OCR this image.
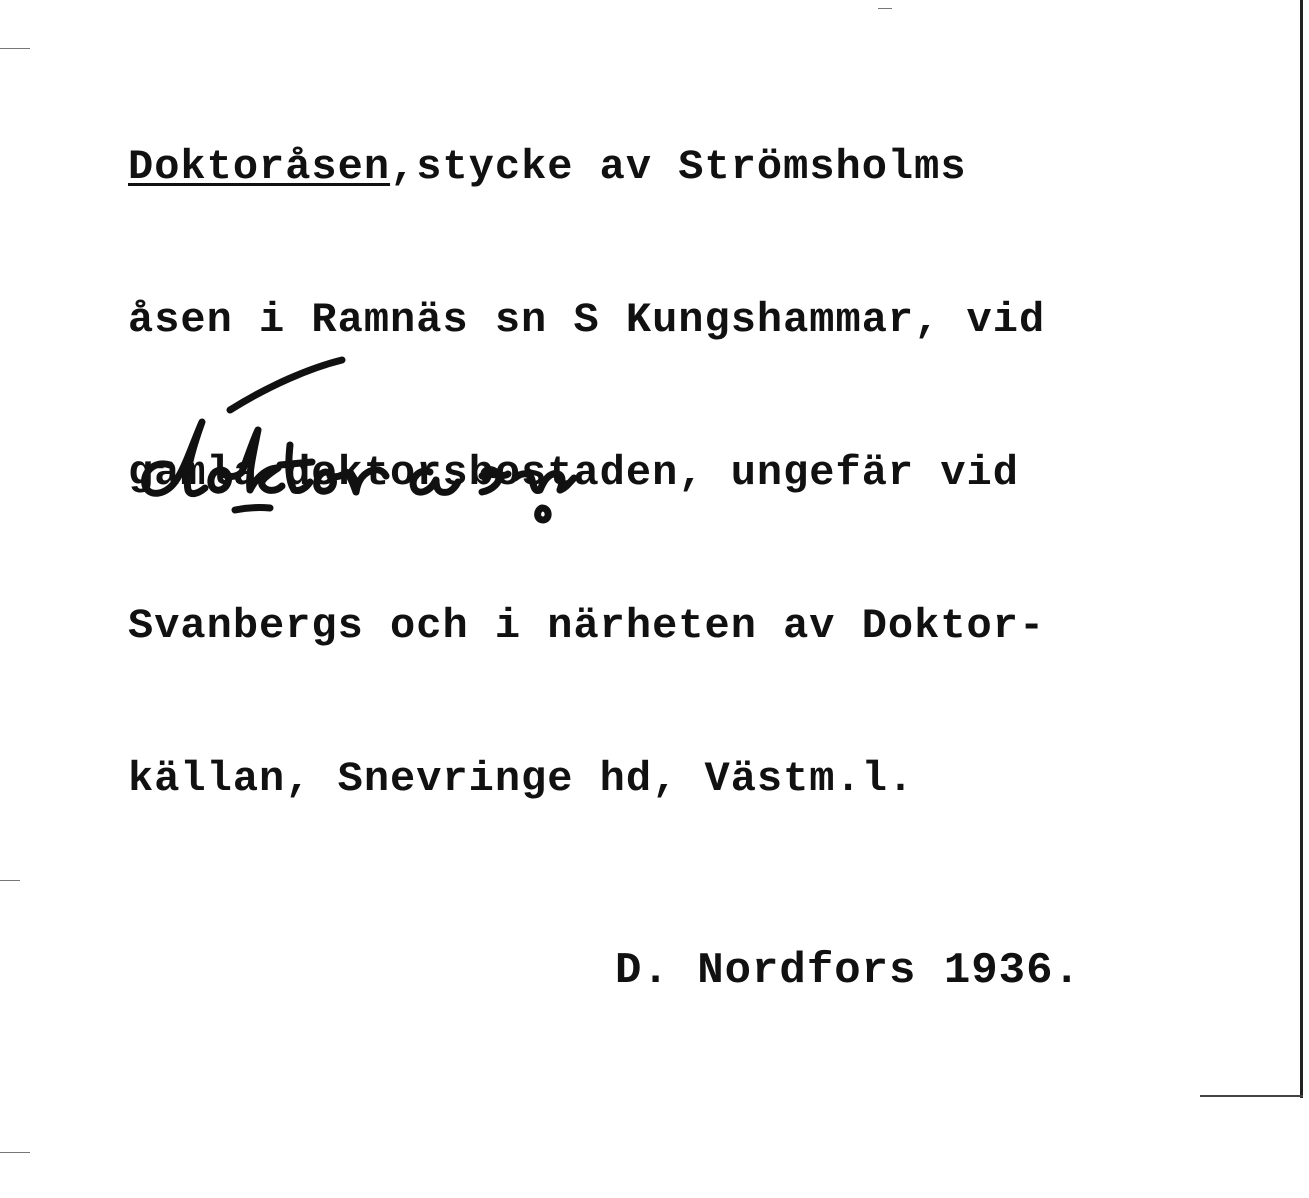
Doktoråsen,stycke av Strömsholms

åsen i Ramnäs sn S Kungshammar, vid

gamla doktorsbostaden, ungefär vid

Svanbergs och i närheten av Doktor-

källan, Snevringe hd, Västm.l.

D. Nordfors 1936.
